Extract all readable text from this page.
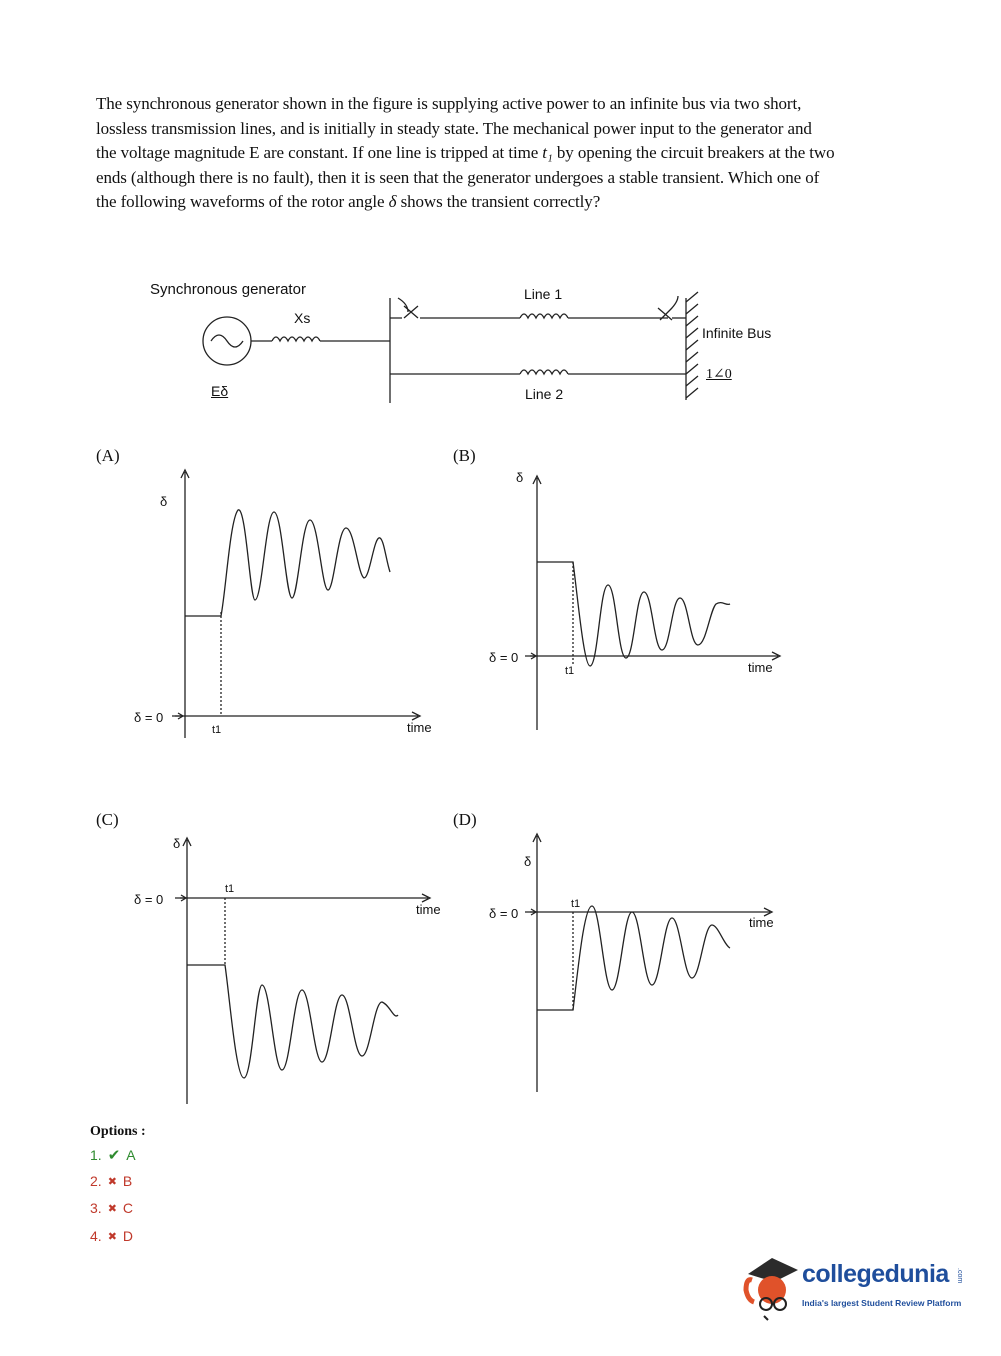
The synchronous generator shown in the figure is supplying active power to an infinite bus via two short, lossless transmission lines, and is initially in steady state. The mechanical power input to the generator and the voltage magnitude E are constant. If one line is tripped at time t₁ by opening the circuit breakers at the two ends (although there is no fault), then it is seen that the generator undergoes a stable transient. Which one of the following waveforms of the rotor angle δ shows the transient correctly?
Synchronous generator
Xs
Eδ
Line 1
Line 2
Infinite Bus
1∠0
(A)	(B)
(C)	(D)
δ
δ = 0
t1	time
δ
δ = 0
t1	time
δ
δ = 0
t1
time
δ
δ = 0
t1
time
Options :
1. ✔ A
2. ✖ B
3. ✖ C
4. ✖ D
collegedunia .com
India's largest Student Review Platform
